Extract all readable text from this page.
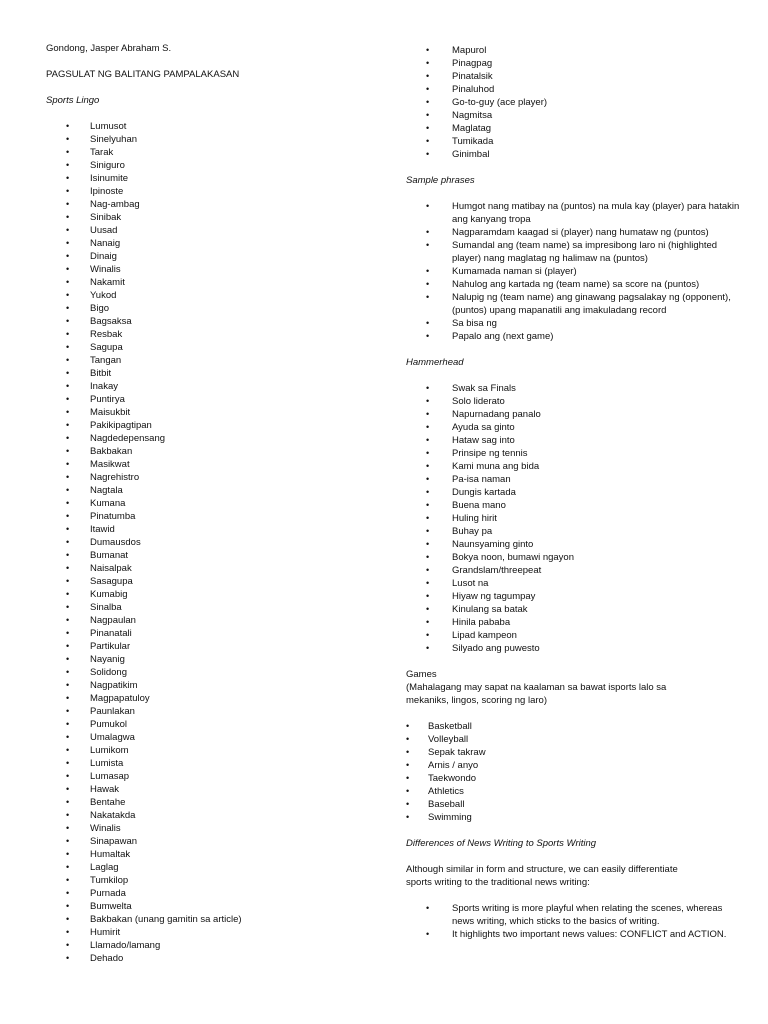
Gondong, Jasper Abraham S.
PAGSULAT NG BALITANG PAMPALAKASAN
Sports Lingo
• Lumusot
• Sinelyuhan
• Tarak
• Siniguro
• Isinumite
• Ipinoste
• Nag-ambag
• Sinibak
• Uusad
• Nanaig
• Dinaig
• Winalis
• Nakamit
• Yukod
• Bigo
• Bagsaksa
• Resbak
• Sagupa
• Tangan
• Bitbit
• Inakay
• Puntirya
• Maisukbit
• Pakikipagtipan
• Nagdedepensang
• Bakbakan
• Masikwat
• Nagrehistro
• Nagtala
• Kumana
• Pinatumba
• Itawid
• Dumausdos
• Bumanat
• Naisalpak
• Sasagupa
• Kumabig
• Sinalba
• Nagpaulan
• Pinanatali
• Partikular
• Nayanig
• Solidong
• Nagpatikim
• Magpapatuloy
• Paunlakan
• Pumukol
• Umalagwa
• Lumikom
• Lumista
• Lumasap
• Hawak
• Bentahe
• Nakatakda
• Winalis
• Sinapawan
• Humaltak
• Laglag
• Tumkilop
• Purnada
• Bumwelta
• Bakbakan (unang gamitin sa article)
• Humirit
• Llamado/lamang
• Dehado
• Mapurol
• Pinagpag
• Pinatalsik
• Pinaluhod
• Go-to-guy (ace player)
• Nagmitsa
• Maglatag
• Tumikada
• Ginimbal
Sample phrases
• Humgot nang matibay na (puntos) na mula kay (player) para hatakin ang kanyang tropa
• Nagparamdam kaagad si (player) nang humataw ng (puntos)
• Sumandal ang (team name) sa impresibong laro ni (highlighted player) nang maglatag ng halimaw na (puntos)
• Kumamada naman si (player)
• Nahulog ang kartada ng (team name) sa score na (puntos)
• Nalupig ng (team name) ang ginawang pagsalakay ng (opponent), (puntos) upang mapanatili ang imakuladang record
• Sa bisa ng
• Papalo ang (next game)
Hammerhead
• Swak sa Finals
• Solo liderato
• Napurnadang panalo
• Ayuda sa ginto
• Hataw sag into
• Prinsipe ng tennis
• Kami muna ang bida
• Pa-isa naman
• Dungis kartada
• Buena mano
• Huling hirit
• Buhay pa
• Naunsyaming ginto
• Bokya noon, bumawi ngayon
• Grandslam/threepeat
• Lusot na
• Hiyaw ng tagumpay
• Kinulang sa batak
• Hinila pababa
• Lipad kampeon
• Silyado ang puwesto
Games
(Mahalagang may sapat na kaalaman sa bawat isports lalo sa mekaniks, lingos, scoring ng laro)
• Basketball
• Volleyball
• Sepak takraw
• Arnis / anyo
• Taekwondo
• Athletics
• Baseball
• Swimming
Differences of News Writing to Sports Writing
Although similar in form and structure, we can easily differentiate sports writing to the traditional news writing:
• Sports writing is more playful when relating the scenes, whereas news writing, which sticks to the basics of writing.
• It highlights two important news values: CONFLICT and ACTION.
